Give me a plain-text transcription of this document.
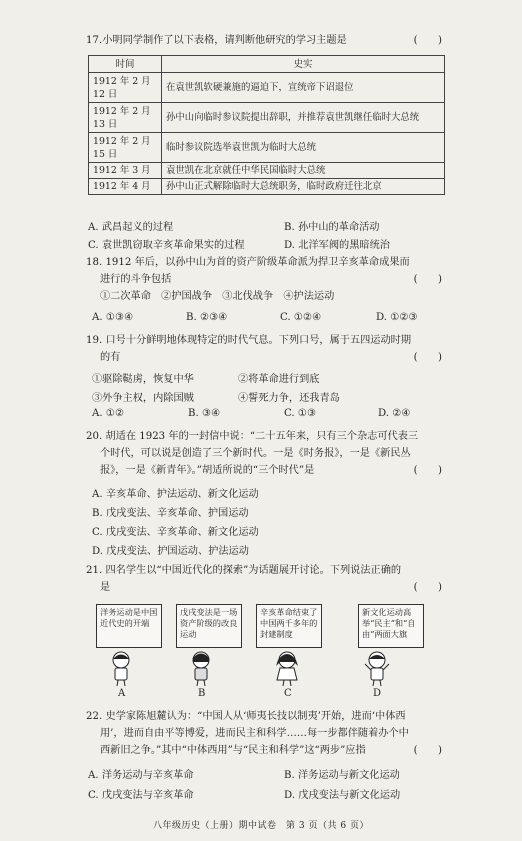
17.小明同学制作了以下表格，请判断他研究的学习主题是	(　　)
时间	史实
1912 年 2 月 12 日	在袁世凯软硬兼施的逼迫下，宣统帝下诏退位
1912 年 2 月 13 日	孙中山向临时参议院提出辞职，并推荐袁世凯继任临时大总统
1912 年 2 月 15 日	临时参议院选举袁世凯为临时大总统
1912 年 3 月	袁世凯在北京就任中华民国临时大总统
1912 年 4 月	孙中山正式解除临时大总统职务，临时政府迁往北京
A. 武昌起义的过程	B. 孙中山的革命活动
C. 袁世凯窃取辛亥革命果实的过程	D. 北洋军阀的黑暗统治
18. 1912 年后，以孙中山为首的资产阶级革命派为捍卫辛亥革命成果而
进行的斗争包括	(　　)
①二次革命　②护国战争　③北伐战争　④护法运动
A. ①③④	B. ②③④	C. ①②④	D. ①②③
19. 口号十分鲜明地体现特定的时代气息。下列口号，属于五四运动时期
的有	(　　)
①驱除鞑虏，恢复中华	②将革命进行到底
③外争主权，内除国贼	④誓死力争，还我青岛
A. ①②	B. ③④	C. ①③	D. ②④
20. 胡适在 1923 年的一封信中说：“二十五年来，只有三个杂志可代表三
个时代，可以说是创造了三个新时代。一是《时务报》，一是《新民丛
报》，一是《新青年》。”胡适所说的“三个时代”是	(　　)
A. 辛亥革命、护法运动、新文化运动
B. 戊戌变法、辛亥革命、护国运动
C. 戊戌变法、辛亥革命、新文化运动
D. 戊戌变法、护国运动、护法运动
21. 四名学生以“中国近代化的探索”为话题展开讨论。下列说法正确的
是	(　　)
洋务运动是中国近代史的开端
戊戌变法是一场资产阶级的改良运动
辛亥革命结束了中国两千多年的封建制度
新文化运动高举“民主”和“自由”两面大旗
A	B	C	D
22. 史学家陈旭麓认为：“中国人从‘师夷长技以制夷’开始，进而‘中体西
用’，进而自由平等博爱，进而民主和科学……每一步都伴随着办个中
西新旧之争。”其中“中体西用”与“民主和科学”这“两步”应指	(　　)
A. 洋务运动与辛亥革命	B. 洋务运动与新文化运动
C. 戊戌变法与辛亥革命	D. 戊戌变法与新文化运动
八年级历史（上册）期中试卷　第 3 页（共 6 页）
